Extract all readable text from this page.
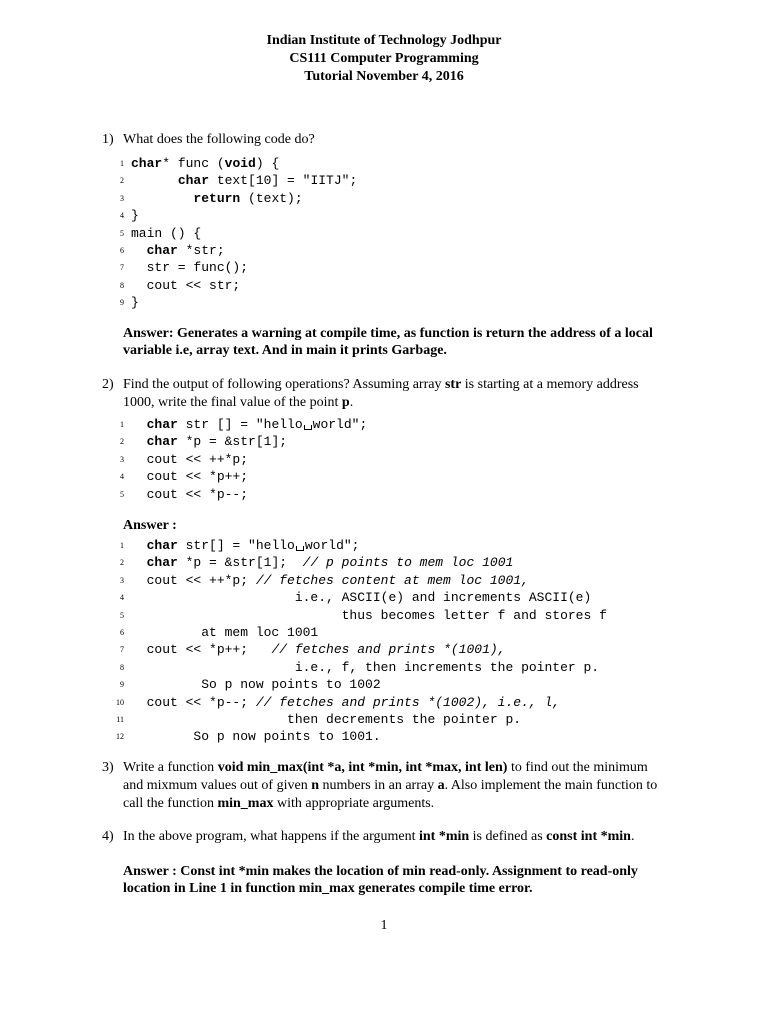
Indian Institute of Technology Jodhpur
CS111 Computer Programming
Tutorial November 4, 2016
1) What does the following code do?
1 char* func (void) {
2	char text[10] = "IITJ";
3	return (text);
4 }
5 main () {
6	char *str;
7 str = func();
8 cout << str;
9 }
Answer: Generates a warning at compile time, as function is return the address of a local variable i.e, array text. And in main it prints Garbage.
2) Find the output of following operations? Assuming array str is starting at a memory address 1000, write the final value of the point p.
1	char str [] = "hello world";
2	char *p = &str[1];
3 cout << ++*p;
4 cout << *p++;
5 cout << *p--;
Answer :
1	char str[] = "hello world";
2	char *p = &str[1];  // p points to mem loc 1001
3 cout << ++*p; // fetches content at mem loc 1001,
4 i.e., ASCII(e) and increments ASCII(e)
5 thus becomes letter f and stores f
6 at mem loc 1001
7 cout << *p++;   // fetches and prints *(1001),
8 i.e., f, then increments the pointer p.
9 So p now points to 1002
10 cout << *p--; // fetches and prints *(1002), i.e., l,
11 then decrements the pointer p.
12 So p now points to 1001.
3) Write a function void min_max(int *a, int *min, int *max, int len) to find out the minimum and mixmum values out of given n numbers in an array a. Also implement the main function to call the function min_max with appropriate arguments.
4) In the above program, what happens if the argument int *min is defined as const int *min.
Answer : Const int *min makes the location of min read-only. Assignment to read-only location in Line 1 in function min_max generates compile time error.
1
